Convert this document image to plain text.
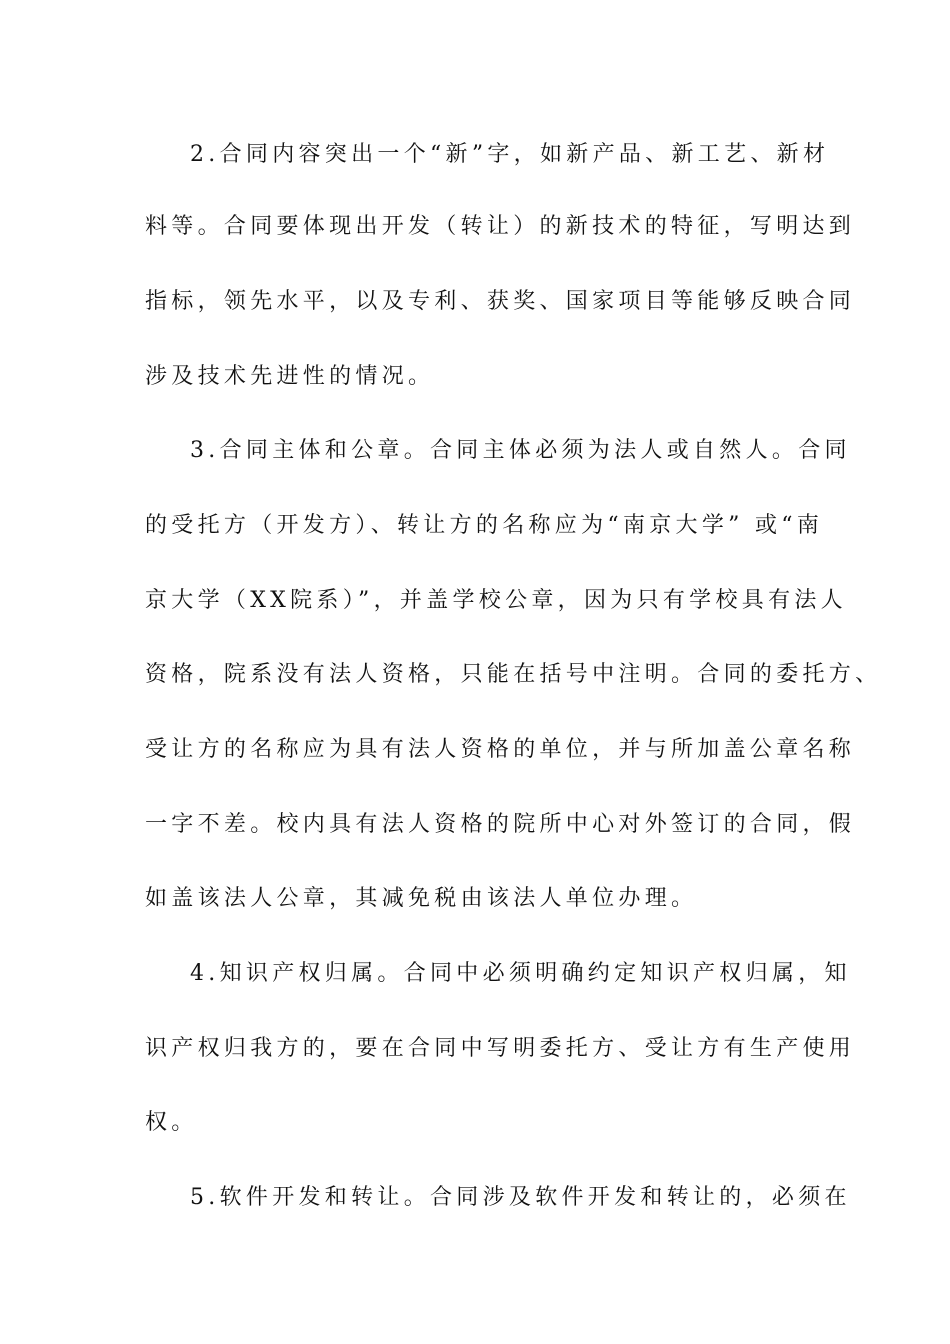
2.合同内容突出一个“新”字，如新产品、新工艺、新材
料等。合同要体现出开发（转让）的新技术的特征，写明达到
指标，领先水平，以及专利、获奖、国家项目等能够反映合同
涉及技术先进性的情况。
3.合同主体和公章。合同主体必须为法人或自然人。合同
的受托方（开发方）、转让方的名称应为“南京大学” 或“南
京大学（XX院系）”，并盖学校公章，因为只有学校具有法人
资格，院系没有法人资格，只能在括号中注明。合同的委托方、
受让方的名称应为具有法人资格的单位，并与所加盖公章名称
一字不差。校内具有法人资格的院所中心对外签订的合同，假
如盖该法人公章，其减免税由该法人单位办理。
4.知识产权归属。合同中必须明确约定知识产权归属，知
识产权归我方的，要在合同中写明委托方、受让方有生产使用
权。
5.软件开发和转让。合同涉及软件开发和转让的，必须在
